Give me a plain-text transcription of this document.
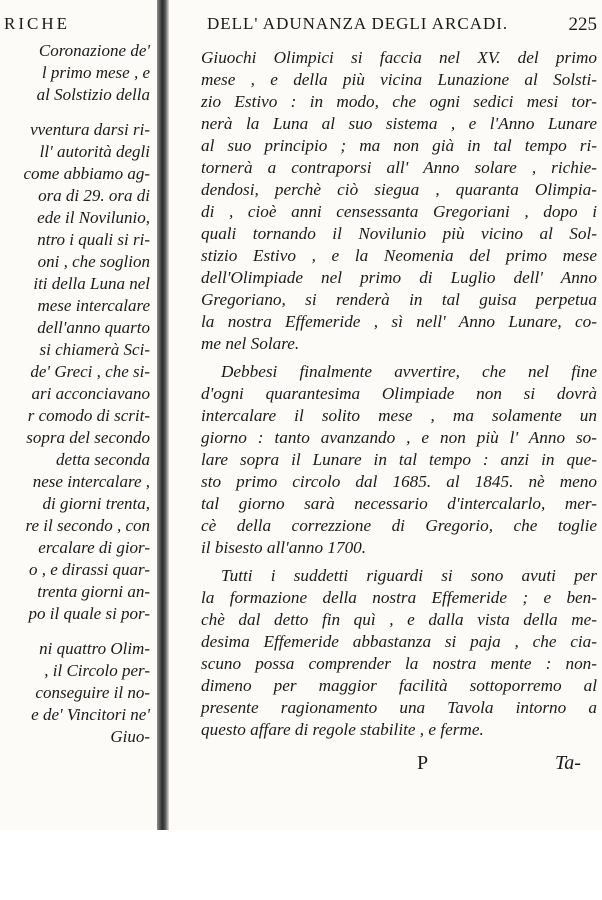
RICHE
Coronazione de'
l primo mese , e
al Solstizio della
vventura darsi ri-
ll' autorità degli
come abbiamo ag-
ora di 29. ora di
ede il Novilunio,
ntro i quali si ri-
oni , che soglion
iti della Luna nel
mese intercalare
dell'anno quarto
si chiamerà Sci-
de' Greci , che si-
ari acconciavano
r comodo di scrit-
sopra del secondo
detta seconda
nese intercalare ,
di giorni trenta,
re il secondo , con
ercalare di gior-
o , e dirassi quar-
trenta giorni an-
po il quale si por-
ni quattro Olim-
, il Circolo per-
conseguire il no-
e de' Vincitori ne'
Giuo-
DELL' ADUNANZA DEGLI ARCADI.	225
Giuochi Olimpici si faccia nel XV. del primo
mese , e della più vicina Lunazione al Solsti-
zio Estivo : in modo, che ogni sedici mesi tor-
nerà la Luna al suo sistema , e l'Anno Lunare
al suo principio ; ma non già in tal tempo ri-
tornerà a contraporsi all' Anno solare , richie-
dendosi, perchè ciò siegua , quaranta Olimpia-
di , cioè anni censessanta Gregoriani , dopo i
quali tornando il Novilunio più vicino al Sol-
stizio Estivo , e la Neomenia del primo mese
dell'Olimpiade nel primo di Luglio dell' Anno
Gregoriano, si renderà in tal guisa perpetua
la nostra Effemeride , sì nell' Anno Lunare, co-
me nel Solare.
Debbesi finalmente avvertire, che nel fine
d'ogni quarantesima Olimpiade non si dovrà
intercalare il solito mese , ma solamente un
giorno : tanto avanzando , e non più l' Anno so-
lare sopra il Lunare in tal tempo : anzi in que-
sto primo circolo dal 1685. al 1845. nè meno
tal giorno sarà necessario d'intercalarlo, mer-
cè della correzzione di Gregorio, che toglie
il bisesto all'anno 1700.
Tutti i suddetti riguardi si sono avuti per
la formazione della nostra Effemeride ; e ben-
chè dal detto fin quì , e dalla vista della me-
desima Effemeride abbastanza si paja , che cia-
scuno possa comprender la nostra mente : non-
dimeno per maggior facilità sottoporremo al
presente ragionamento una Tavola intorno a
questo affare di regole stabilite , e ferme.
P	Ta-
